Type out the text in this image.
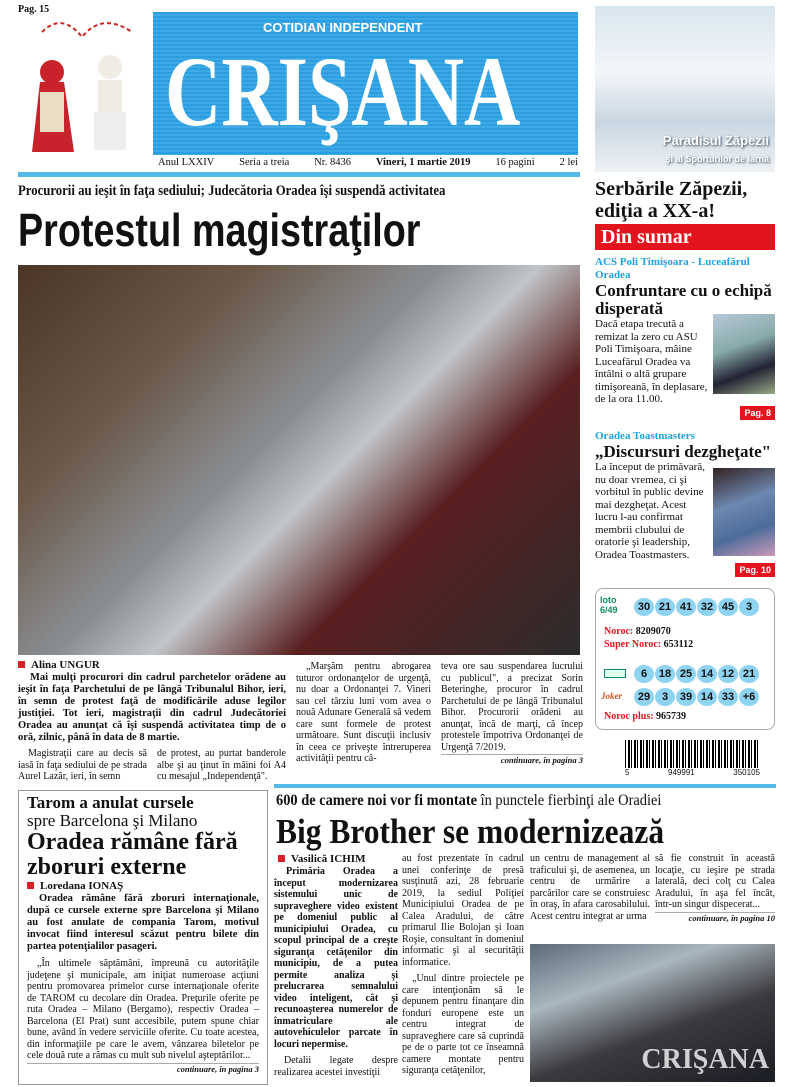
Pag. 15
COTIDIAN INDEPENDENT
CRIŞANA
Anul LXXIV Seria a treia Nr. 8436 Vineri, 1 martie 2019 16 pagini 2 lei
Paradisul Zăpezii
şi al Sporturilor de Iarnă
Procurorii au ieşit în faţa sediului; Judecătoria Oradea îşi suspendă activitatea
Protestul magistraţilor
Alina UNGUR

Mai mulţi procurori din cadrul parchetelor orădene au ieşit în faţa Parchetului de pe lângă Tribunalul Bihor, ieri, în semn de protest faţă de modificările aduse legilor justiţiei. Tot ieri, magistraţii din cadrul Judecătoriei Oradea au anunţat că îşi suspendă activitatea timp de o oră, zilnic, până în data de 8 martie.

Magistraţii care au decis să iasă în faţa sediului de pe strada Aurel Lazăr, ieri, în semn

de protest, au purtat banderole albe şi au ţinut în mâini foi A4 cu mesajul „Independenţă".

„Marşăm pentru abrogarea tuturor ordonanţelor de urgenţă, nu doar a Ordonanţei 7. Vineri sau cel târziu luni vom avea o nouă Adunare Generală să vedem care sunt formele de protest următoare. Sunt discuţii inclusiv în ceea ce priveşte întreruperea activităţii pentru câ-

teva ore sau suspendarea lucrului cu publicul", a precizat Sorin Beteringhe, procuror în cadrul Parchetului de pe lângă Tribunalul Bihor. Procurorii orădeni au anunţat, încă de marţi, că încep protestele împotriva Ordonanţei de Urgenţă 7/2019.

continuare, în pagina 3
Serbările Zăpezii, ediţia a XX-a!
Din sumar
ACS Poli Timişoara - Luceafărul Oradea
Confruntare cu o echipă disperată

Dacă etapa trecută a remizat la zero cu ASU Poli Timişoara, mâine Luceafărul Oradea va întâlni o altă grupare timişoreană, în deplasare, de la ora 11.00.

Pag. 8
Oradea Toastmasters
„Discursuri dezgheţate"

La început de primăvară, nu doar vremea, ci şi vorbitul în public devine mai dezgheţat. Acest lucru l-au confirmat membrii clubului de oratorie şi leadership, Oradea Toastmasters.

Pag. 10
loto 6/49	30 21 41 32 45 3
Noroc: 8209070
Super Noroc: 653112
6 18 25 14 12 21
Joker	29 3 39 14 33 +6
Noroc plus: 965739
5	949991	350105
Tarom a anulat cursele
spre Barcelona şi Milano
Oradea rămâne fără zboruri externe
Loredana IONAŞ

Oradea rămâne fără zboruri internaţionale, după ce cursele externe spre Barcelona şi Milano au fost anulate de compania Tarom, motivul invocat fiind interesul scăzut pentru bilete din partea potenţialilor pasageri.

„În ultimele săptămâni, împreună cu autorităţile judeţene şi municipale, am iniţiat numeroase acţiuni pentru promovarea primelor curse internaţionale oferite de TAROM cu decolare din Oradea. Preţurile oferite pe ruta Oradea – Milano (Bergamo), respectiv Oradea – Barcelona (El Prat) sunt accesibile, putem spune chiar bune, având în vedere serviciile oferite. Cu toate acestea, din informaţiile pe care le avem, vânzarea biletelor pe cele două rute a rămas cu mult sub nivelul aşteptărilor...

continuare, în pagina 3
600 de camere noi vor fi montate în punctele fierbinţi ale Oradiei
Big Brother se modernizează
Vasilică ICHIM

Primăria Oradea a început modernizarea sistemului unic de supraveghere video existent pe domeniul public al municipiului Oradea, cu scopul principal de a creşte siguranţa cetăţenilor din municipiu, de a putea permite analiza şi prelucrarea semnalului video inteligent, cât şi recunoaşterea numerelor de înmatriculare ale autovehiculelor parcate în locuri nepermise.

Detalii legate despre realizarea acestei investiţii

au fost prezentate în cadrul unei conferinţe de presă susţinută azi, 28 februarie 2019, la sediul Poliţiei Municipiului Oradea de pe Calea Aradului, de către primarul Ilie Bolojan şi Ioan Roşie, consultant în domeniul informatic şi al securităţii informatice.

„Unul dintre proiectele pe care intenţionăm să le depunem pentru finanţare din fonduri europene este un centru integrat de supraveghere care să cuprindă pe de o parte tot ce înseamnă camere montate pentru siguranţa cetăţenilor,

un centru de management al traficului şi, de asemenea, un centru de urmărire a parcărilor care se construiesc în oraş, în afara carosabilului. Acest centru integrat ar urma

să fie construit în această locaţie, cu ieşire pe strada laterală, deci colţ cu Calea Aradului, în aşa fel încât, într-un singur dispecerat...

continuare, în pagina 10
CRIŞANA
